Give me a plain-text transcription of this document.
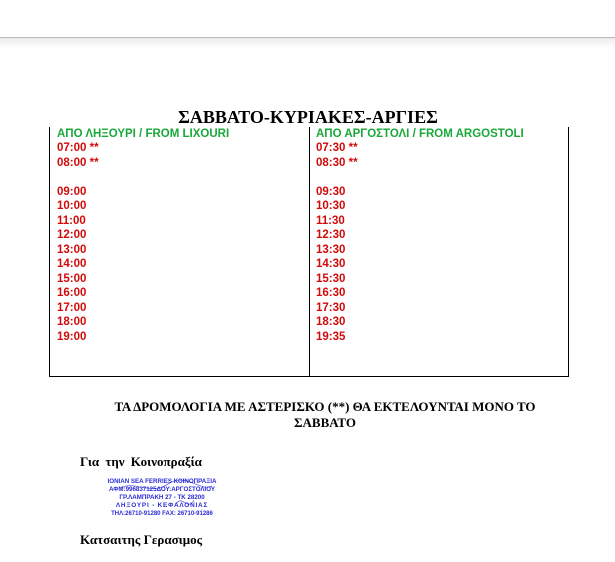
ΣΑΒΒΑΤΟ-ΚΥΡΙΑΚΕΣ-ΑΡΓΙΕΣ
ΑΠΟ ΛΗΞΟΥΡΙ / FROM LIXOURI
07:00 **
08:00 **
09:00
10:00
11:00
12:00
13:00
14:00
15:00
16:00
17:00
18:00
19:00
ΑΠΟ ΑΡΓΟΣΤΟΛΙ / FROM ARGOSTOLI
07:30 **
08:30 **
09:30
10:30
11:30
12:30
13:30
14:30
15:30
16:30
17:30
18:30
19:35
ΤΑ ΔΡΟΜΟΛΟΓΙΑ ΜΕ ΑΣΤΕΡΙΣΚΟ (**) ΘΑ ΕΚΤΕΛΟΥΝΤΑΙ ΜΟΝΟ ΤΟ
ΣΑΒΒΑΤΟ
Για την Κοινοπραξία
IONIAN SEA FERRIES ΚΟΙΝΟΠΡΑΞΙΑ
ΑΦΜ:996837125ΔΟΥ:ΑΡΓΟΣΤΟΛΙΟΥ
ΓΡ.ΛΑΜΠΡΑΚΗ 27 - ΤΚ 28200
ΛΗΞΟΥΡΙ - ΚΕΦΑΛΟΝΙΑΣ
ΤΗΛ:26710-91280 FAX: 26710-91286
Κατσαιτης Γερασιμος
